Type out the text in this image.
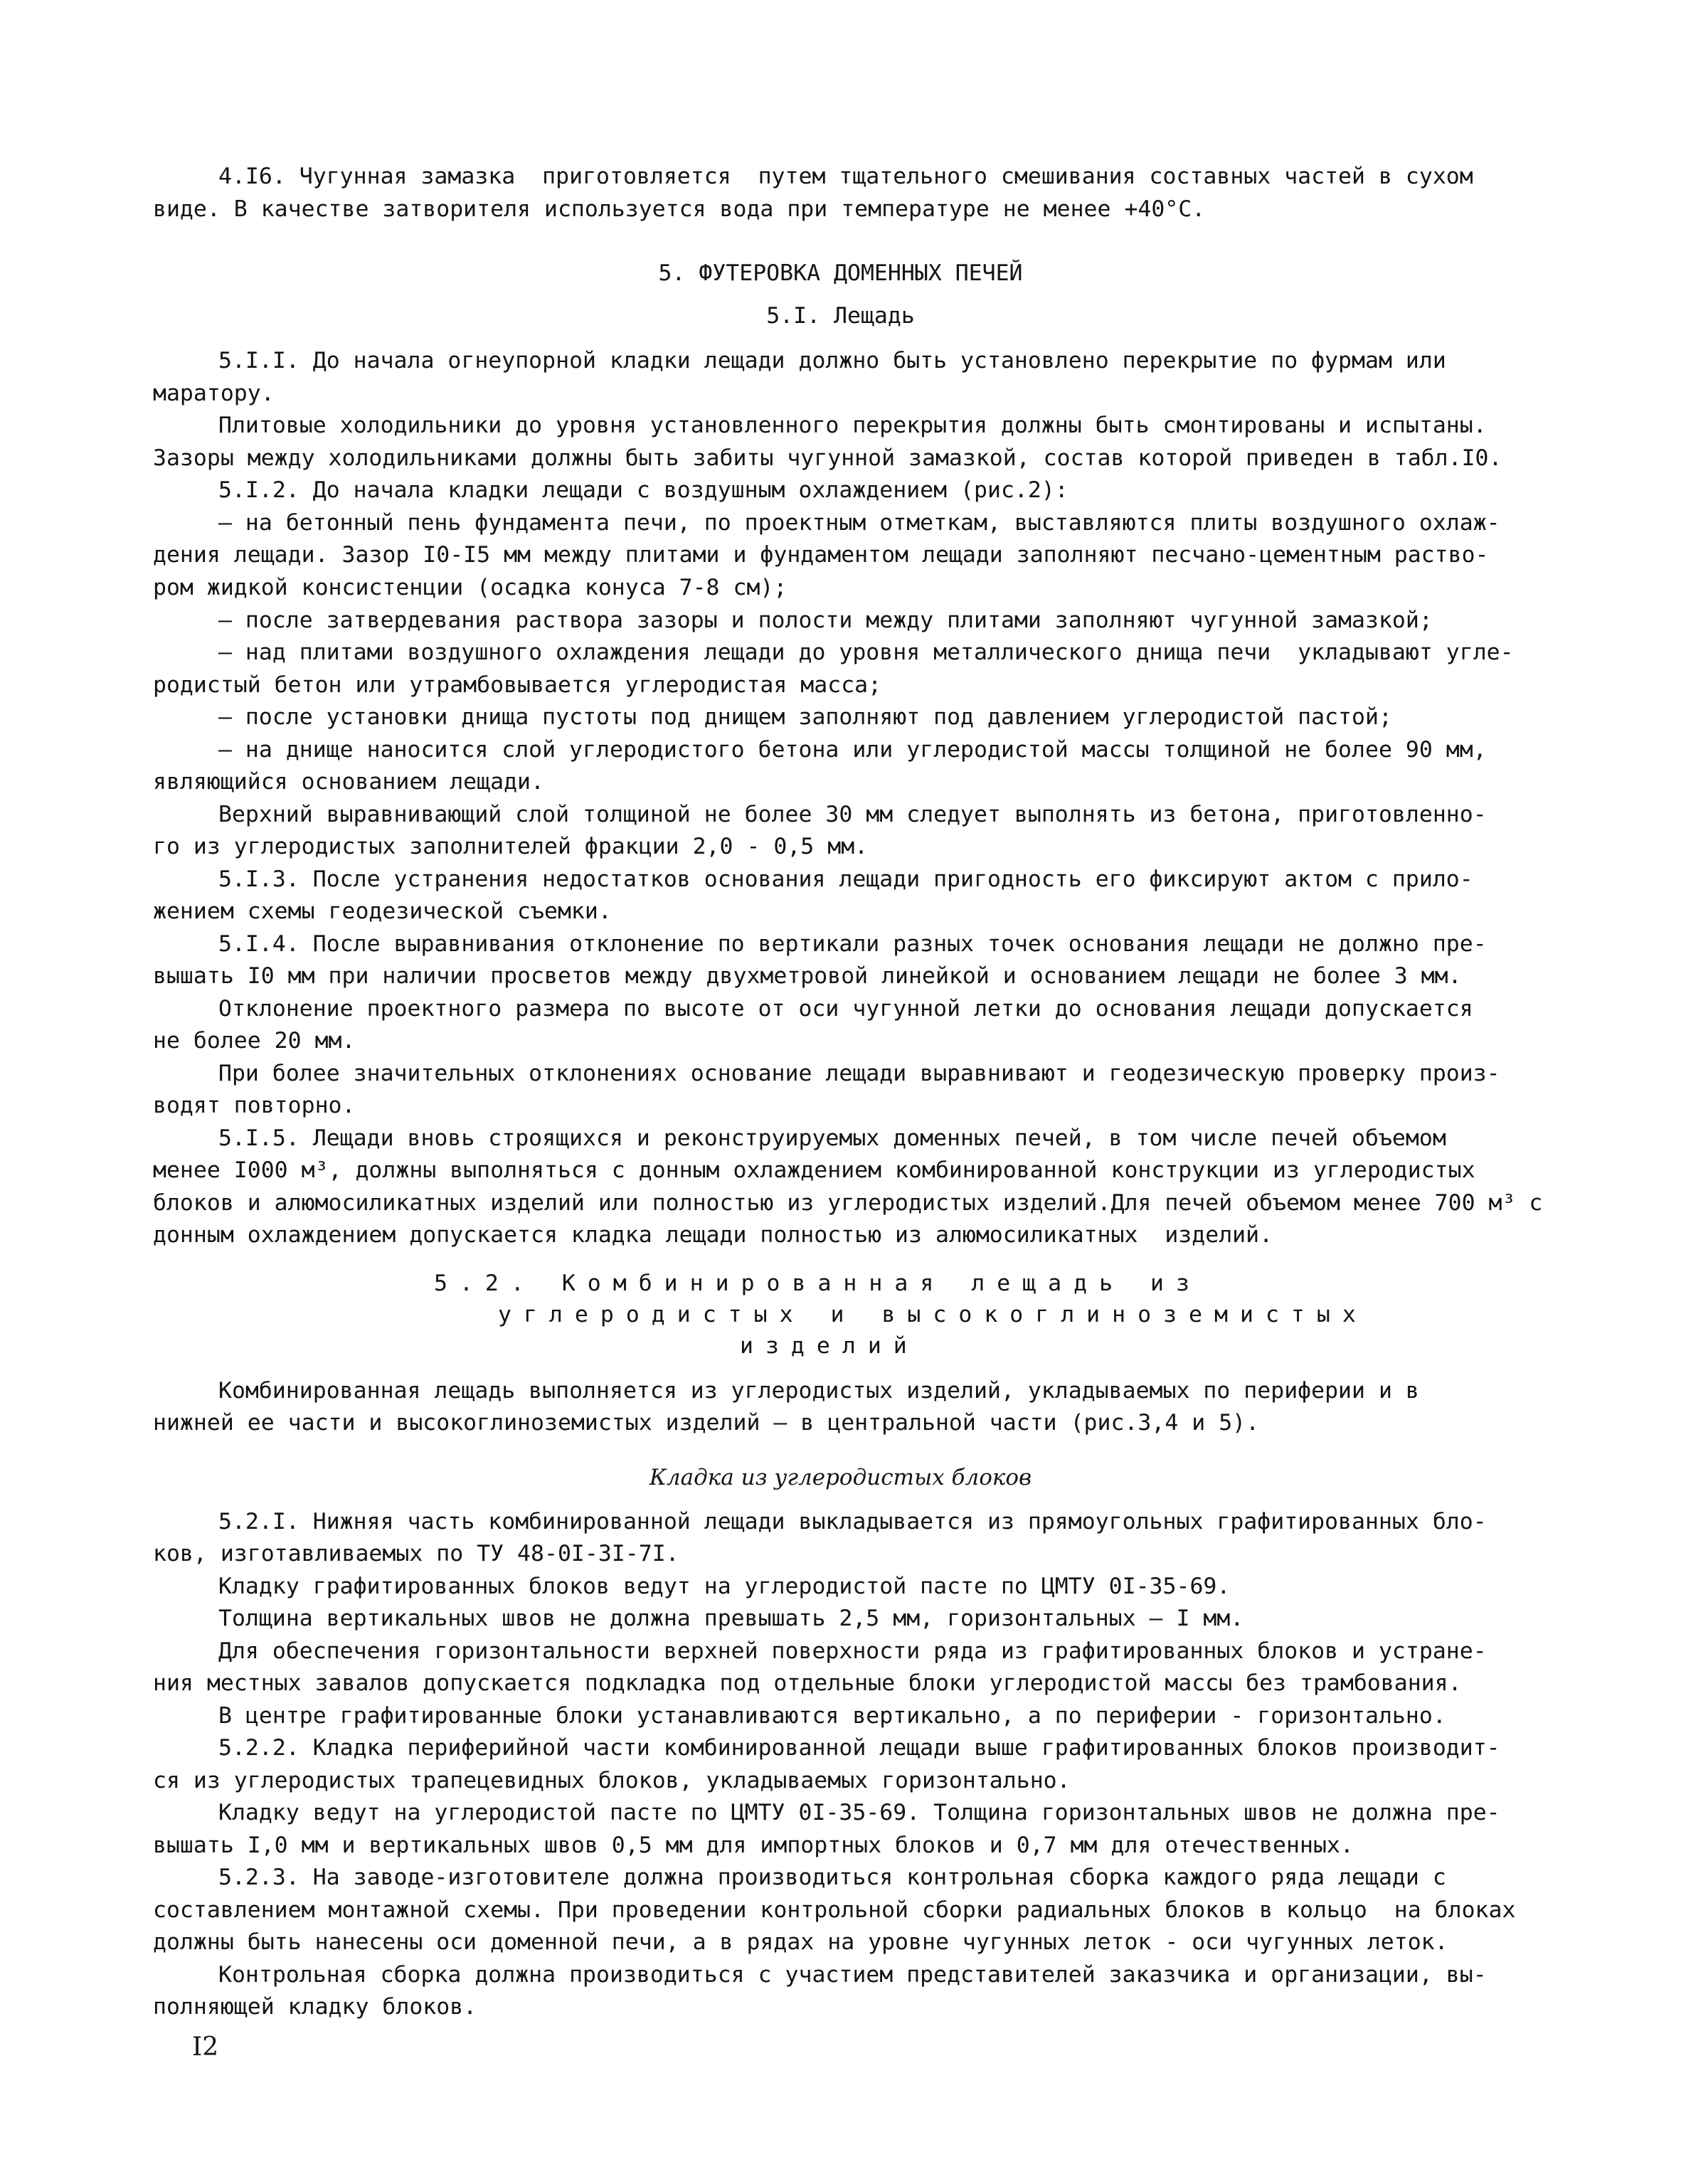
4.I6. Чугунная замазка  приготовляется  путем тщательного смешивания составных частей в сухом
виде. В качестве затворителя используется вода при температуре не менее +40°С.
5. ФУТЕРОВКА ДОМЕННЫХ ПЕЧЕЙ
5.I. Лещадь
5.I.I. До начала огнеупорной кладки лещади должно быть установлено перекрытие по фурмам или
маратору.
Плитовые холодильники до уровня установленного перекрытия должны быть смонтированы и испытаны.
Зазоры между холодильниками должны быть забиты чугунной замазкой, состав которой приведен в табл.I0.
5.I.2. До начала кладки лещади с воздушным охлаждением (рис.2):
– на бетонный пень фундамента печи, по проектным отметкам, выставляются плиты воздушного охлаж-
дения лещади. Зазор I0-I5 мм между плитами и фундаментом лещади заполняют песчано-цементным раство-
ром жидкой консистенции (осадка конуса 7-8 см);
– после затвердевания раствора зазоры и полости между плитами заполняют чугунной замазкой;
– над плитами воздушного охлаждения лещади до уровня металлического днища печи  укладывают угле-
родистый бетон или утрамбовывается углеродистая масса;
– после установки днища пустоты под днищем заполняют под давлением углеродистой пастой;
– на днище наносится слой углеродистого бетона или углеродистой массы толщиной не более 90 мм,
являющийся основанием лещади.
Верхний выравнивающий слой толщиной не более 30 мм следует выполнять из бетона, приготовленно-
го из углеродистых заполнителей фракции 2,0 - 0,5 мм.
5.I.3. После устранения недостатков основания лещади пригодность его фиксируют актом с прило-
жением схемы геодезической съемки.
5.I.4. После выравнивания отклонение по вертикали разных точек основания лещади не должно пре-
вышать I0 мм при наличии просветов между двухметровой линейкой и основанием лещади не более 3 мм.
Отклонение проектного размера по высоте от оси чугунной летки до основания лещади допускается
не более 20 мм.
При более значительных отклонениях основание лещади выравнивают и геодезическую проверку произ-
водят повторно.
5.I.5. Лещади вновь строящихся и реконструируемых доменных печей, в том числе печей объемом
менее I000 м³, должны выполняться с донным охлаждением комбинированной конструкции из углеродистых
блоков и алюмосиликатных изделий или полностью из углеродистых изделий.Для печей объемом менее 700 м³ с
донным охлаждением допускается кладка лещади полностью из алюмосиликатных  изделий.
5.2. Комбинированная лещадь из
углеродистых и высокоглиноземистых
изделий
Комбинированная лещадь выполняется из углеродистых изделий, укладываемых по периферии и в
нижней ее части и высокоглиноземистых изделий – в центральной части (рис.3,4 и 5).
Кладка из углеродистых блоков
5.2.I. Нижняя часть комбинированной лещади выкладывается из прямоугольных графитированных бло-
ков, изготавливаемых по ТУ 48-0I-3I-7I.
Кладку графитированных блоков ведут на углеродистой пасте по ЦМТУ 0I-35-69.
Толщина вертикальных швов не должна превышать 2,5 мм, горизонтальных – I мм.
Для обеспечения горизонтальности верхней поверхности ряда из графитированных блоков и устране-
ния местных завалов допускается подкладка под отдельные блоки углеродистой массы без трамбования.
В центре графитированные блоки устанавливаются вертикально, а по периферии - горизонтально.
5.2.2. Кладка периферийной части комбинированной лещади выше графитированных блоков производит-
ся из углеродистых трапецевидных блоков, укладываемых горизонтально.
Кладку ведут на углеродистой пасте по ЦМТУ 0I-35-69. Толщина горизонтальных швов не должна пре-
вышать I,0 мм и вертикальных швов 0,5 мм для импортных блоков и 0,7 мм для отечественных.
5.2.3. На заводе-изготовителе должна производиться контрольная сборка каждого ряда лещади с
составлением монтажной схемы. При проведении контрольной сборки радиальных блоков в кольцо  на блоках
должны быть нанесены оси доменной печи, а в рядах на уровне чугунных леток - оси чугунных леток.
Контрольная сборка должна производиться с участием представителей заказчика и организации, вы-
полняющей кладку блоков.
I2
